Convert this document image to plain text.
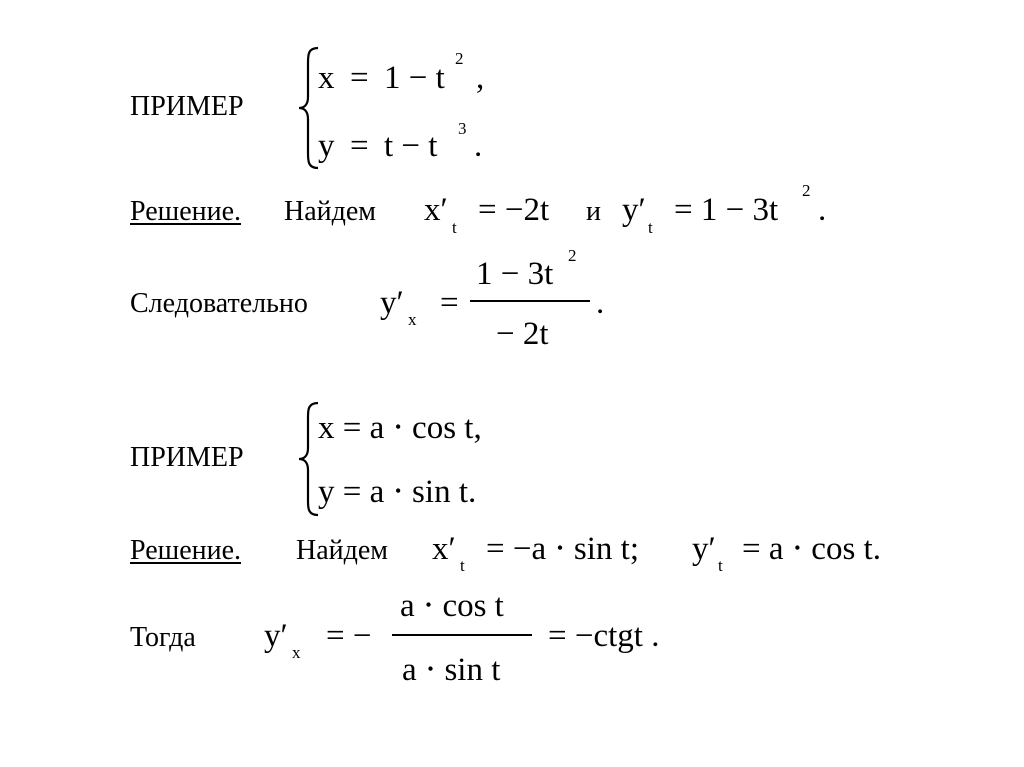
ПРИМЕР
x = 1 − t
2
,
y = t − t 3 .
Решение. Найдем x′ t = −2t и y′ t = 1 − 3t
2
.
Следовательно y′ x =
1 − 3t
2
− 2t
.
ПРИМЕР
x = a ⋅ cos t,
y = a ⋅ sin t.
Решение. Найдем x′ t = −a ⋅ sin t; y′ t = a ⋅ cos t.
Тогда y′ x = −
a ⋅ cos t
a ⋅ sin t
= −ctgt .
